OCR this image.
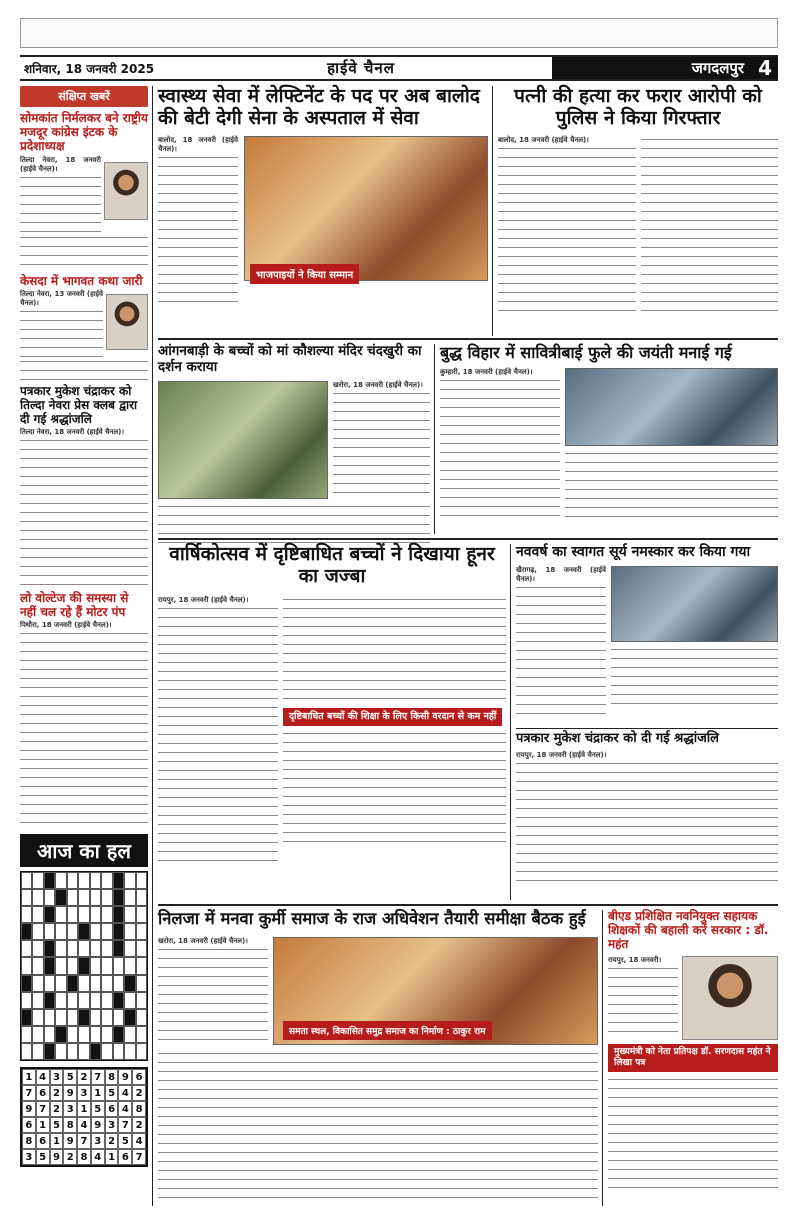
शनिवार, 18 जनवरी 2025	हाईवे चैनल	जगदलपुर 4
संक्षिप्त खबरें
सोमकांत निर्मलकर बने राष्ट्रीय मजदूर कांग्रेस इंटक के प्रदेशाध्यक्ष
तिल्दा नेवरा, 18 जनवरी (हाईवे चैनल)।
केसदा में भागवत कथा जारी
तिल्दा नेवरा, 13 जनवरी (हाईवे चैनल)।
पत्रकार मुकेश चंद्राकर को तिल्दा नेवरा प्रेस क्लब द्वारा दी गई श्रद्धांजलि
तिल्दा नेवरा, 18 जनवरी (हाईवे चैनल)।
लो वोल्टेज की समस्या से नहीं चल रहे हैं मोटर पंप
पिथौरा, 18 जनवरी (हाईवे चैनल)।
आज का हल
1 4 3 5 2 7 8 9 6
7 6 2 9 3 1 5 4 2
9 7 2 3 1 5 6 4 8
6 1 5 8 4 9 3 7 2
8 6 1 9 7 3 2 5 4
3 5 9 2 8 4 1 6 7
स्वास्थ्य सेवा में लेफ्टिनेंट के पद पर अब बालोद की बेटी देगी सेना के अस्पताल में सेवा
बालोद, 18 जनवरी (हाईवे चैनल)।
भाजपाइयों ने किया सम्मान
पत्नी की हत्या कर फरार आरोपी को पुलिस ने किया गिरफ्तार
बालोद, 18 जनवरी (हाईवे चैनल)।
आंगनबाड़ी के बच्चों को मां कौशल्या मंदिर चंदखुरी का दर्शन कराया
खरोरा, 18 जनवरी (हाईवे चैनल)।
बुद्ध विहार में सावित्रीबाई फुले की जयंती मनाई गई
कुम्हारी, 18 जनवरी (हाईवे चैनल)।
वार्षिकोत्सव में दृष्टिबाधित बच्चों ने दिखाया हूनर का जज्बा
रायपुर, 18 जनवरी (हाईवे चैनल)।
दृष्टिबाधित बच्चों की शिक्षा के लिए किसी वरदान से कम नहीं
नववर्ष का स्वागत सूर्य नमस्कार कर किया गया
खैरागढ़, 18 जनवरी (हाईवे चैनल)।
पत्रकार मुकेश चंद्राकर को दी गई श्रद्धांजलि
रायपुर, 18 जनवरी (हाईवे चैनल)।
निलजा में मनवा कुर्मी समाज के राज अधिवेशन तैयारी समीक्षा बैठक हुई
खरोरा, 18 जनवरी (हाईवे चैनल)।
समता स्थल, विकासित समुद्र समाज का निर्माण : ठाकुर राम
बीएड प्रशिक्षित नवनियुक्त सहायक शिक्षकों की बहाली करें सरकार : डॉ. महंत
रायपुर, 18 जनवरी।
मुख्यमंत्री को नेता प्रतिपक्ष डॉ. सरणदास महंत ने लिखा पत्र
